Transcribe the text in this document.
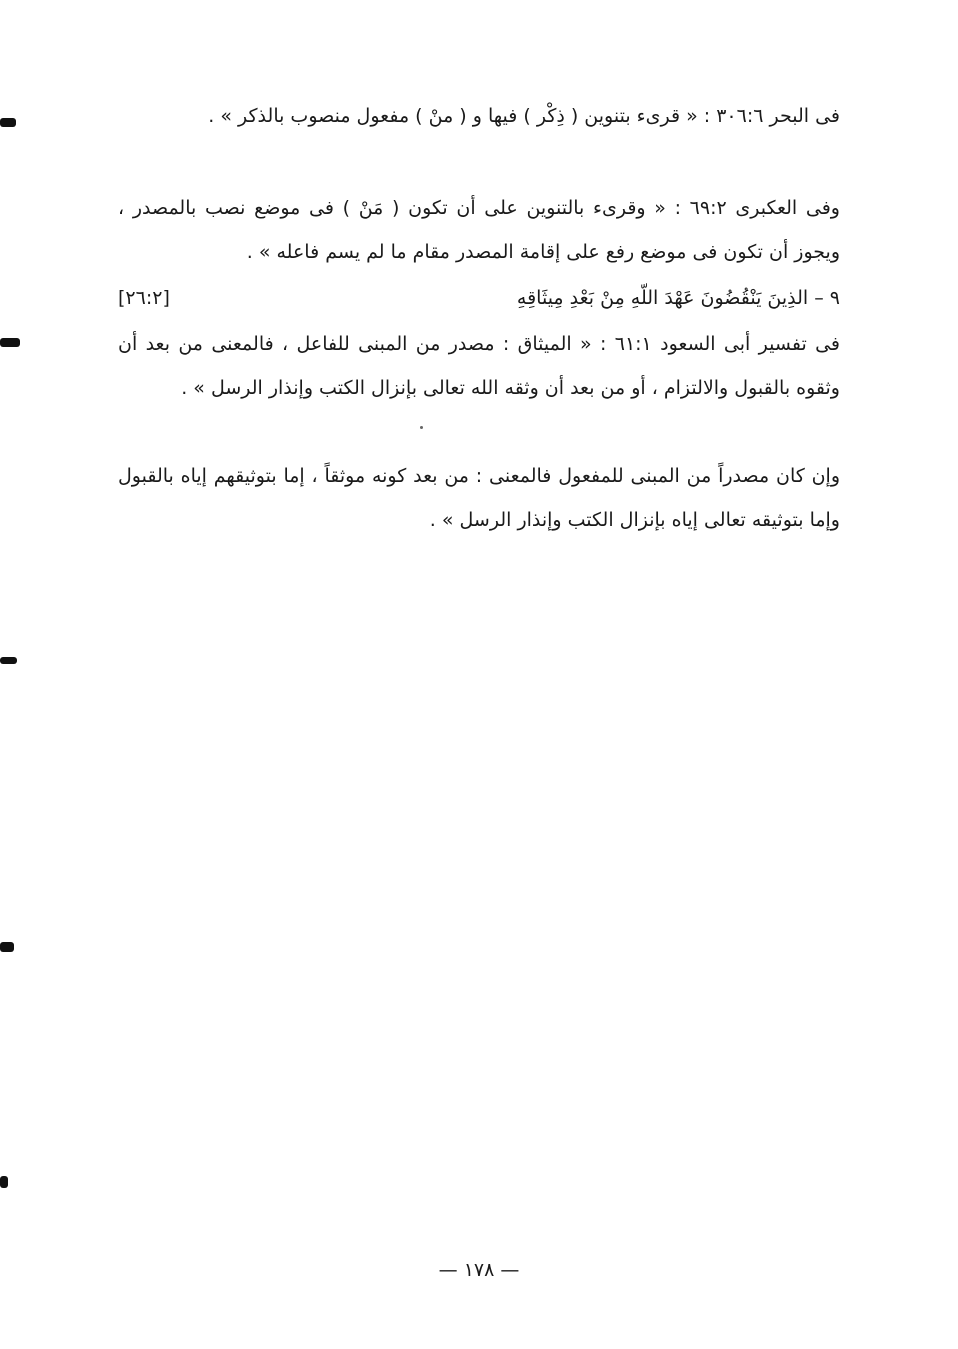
فى البحر ٣٠٦:٦ : « قرىء بتنوين ( ذِكْر ) فيها و ( منْ ) مفعول منصوب بالذكر » .

وفى العكبرى ٦٩:٢ : « وقرىء بالتنوين على أن تكون ( مَنْ ) فى موضع نصب بالمصدر ، ويجوز أن تكون فى موضع رفع على إقامة المصدر مقام ما لم يسم فاعله » .

٩ – الذِينَ يَنْقُضُونَ عَهْدَ اللّهِ مِنْ بَعْدِ مِيثَاقِهِ
[٢٦:٢]

فى تفسير أبى السعود ٦١:١ : « الميثاق : مصدر من المبنى للفاعل ، فالمعنى من بعد أن وثقوه بالقبول والالتزام ، أو من بعد أن وثقه الله تعالى بإنزال الكتب وإنذار الرسل » .

وإن كان مصدراً من المبنى للمفعول فالمعنى : من بعد كونه موثقاً ، إما بتوثيقهم إياه بالقبول وإما بتوثيقه تعالى إياه بإنزال الكتب وإنذار الرسل » .

— ١٧٨ —
